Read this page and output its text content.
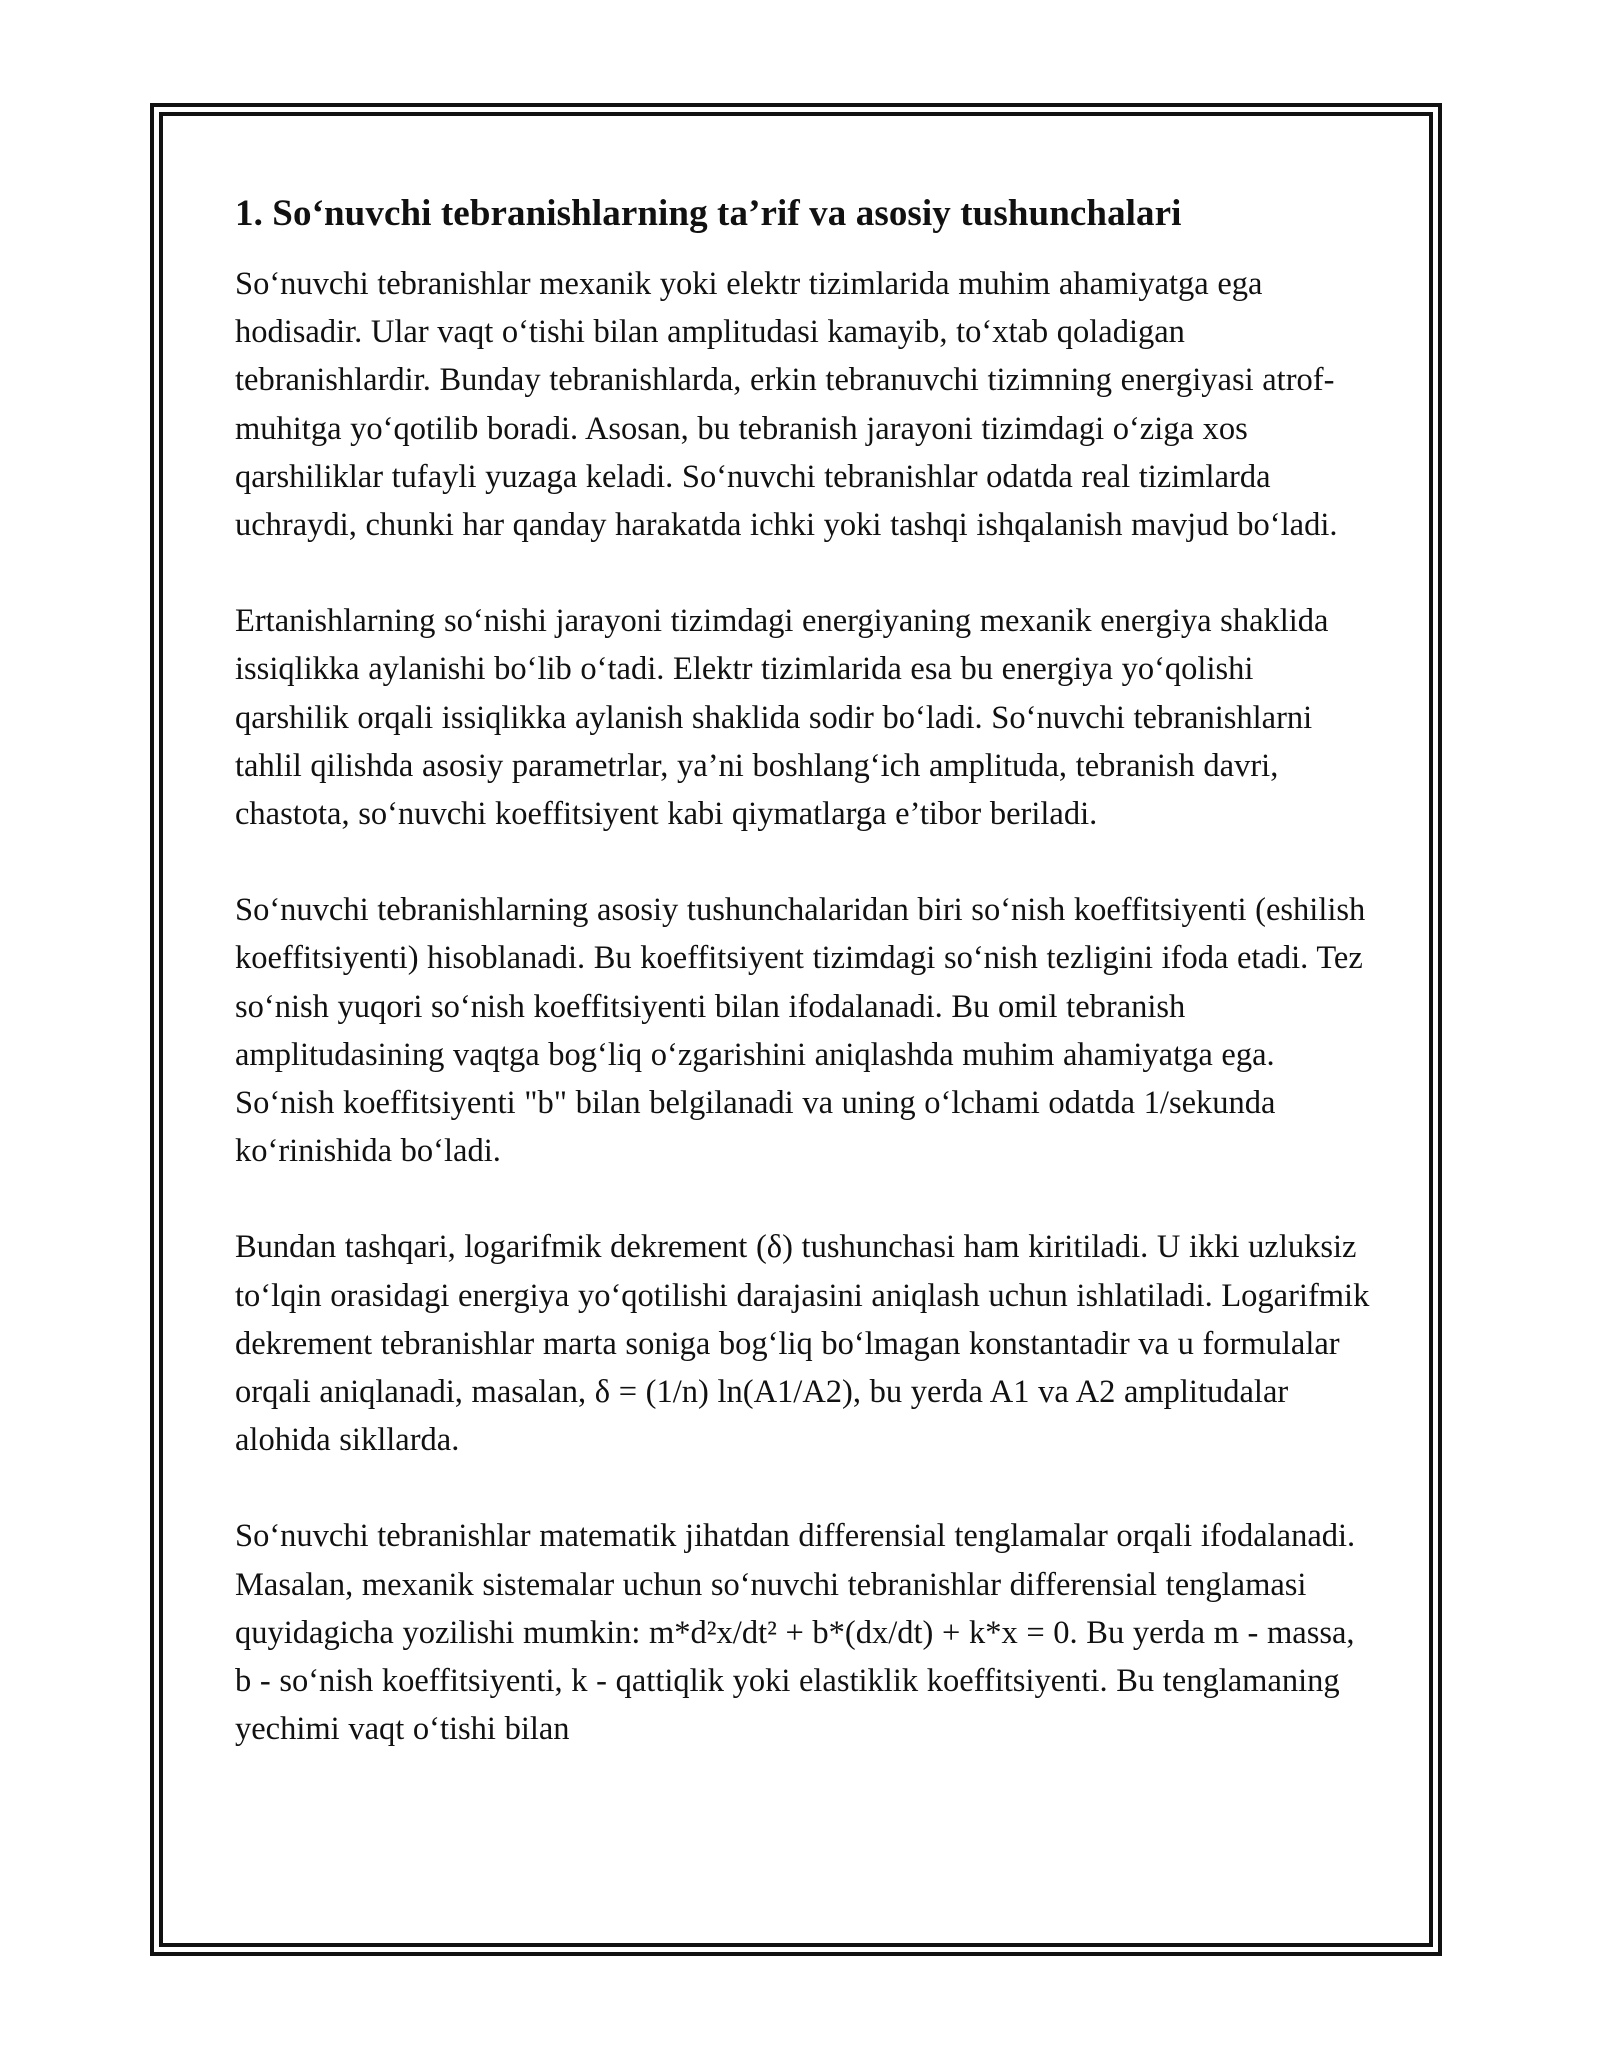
1. So‘nuvchi tebranishlarning ta’rif va asosiy tushunchalari

So‘nuvchi tebranishlar mexanik yoki elektr tizimlarida muhim ahamiyatga ega hodisadir. Ular vaqt o‘tishi bilan amplitudasi kamayib, to‘xtab qoladigan tebranishlardir. Bunday tebranishlarda, erkin tebranuvchi tizimning energiyasi atrof-muhitga yo‘qotilib boradi. Asosan, bu tebranish jarayoni tizimdagi o‘ziga xos qarshiliklar tufayli yuzaga keladi. So‘nuvchi tebranishlar odatda real tizimlarda uchraydi, chunki har qanday harakatda ichki yoki tashqi ishqalanish mavjud bo‘ladi.

Ertanishlarning so‘nishi jarayoni tizimdagi energiyaning mexanik energiya shaklida issiqlikka aylanishi bo‘lib o‘tadi. Elektr tizimlarida esa bu energiya yo‘qolishi qarshilik orqali issiqlikka aylanish shaklida sodir bo‘ladi. So‘nuvchi tebranishlarni tahlil qilishda asosiy parametrlar, ya’ni boshlang‘ich amplituda, tebranish davri, chastota, so‘nuvchi koeffitsiyent kabi qiymatlarga e’tibor beriladi.

So‘nuvchi tebranishlarning asosiy tushunchalaridan biri so‘nish koeffitsiyenti (eshilish koeffitsiyenti) hisoblanadi. Bu koeffitsiyent tizimdagi so‘nish tezligini ifoda etadi. Tez so‘nish yuqori so‘nish koeffitsiyenti bilan ifodalanadi. Bu omil tebranish amplitudasining vaqtga bog‘liq o‘zgarishini aniqlashda muhim ahamiyatga ega. So‘nish koeffitsiyenti "b" bilan belgilanadi va uning o‘lchami odatda 1/sekunda ko‘rinishida bo‘ladi.

Bundan tashqari, logarifmik dekrement (δ) tushunchasi ham kiritiladi. U ikki uzluksiz to‘lqin orasidagi energiya yo‘qotilishi darajasini aniqlash uchun ishlatiladi. Logarifmik dekrement tebranishlar marta soniga bog‘liq bo‘lmagan konstantadir va u formulalar orqali aniqlanadi, masalan, δ = (1/n) ln(A1/A2), bu yerda A1 va A2 amplitudalar alohida sikllarda.

So‘nuvchi tebranishlar matematik jihatdan differensial tenglamalar orqali ifodalanadi. Masalan, mexanik sistemalar uchun so‘nuvchi tebranishlar differensial tenglamasi quyidagicha yozilishi mumkin: m*d²x/dt² + b*(dx/dt) + k*x = 0. Bu yerda m - massa, b - so‘nish koeffitsiyenti, k - qattiqlik yoki elastiklik koeffitsiyenti. Bu tenglamaning yechimi vaqt o‘tishi bilan
